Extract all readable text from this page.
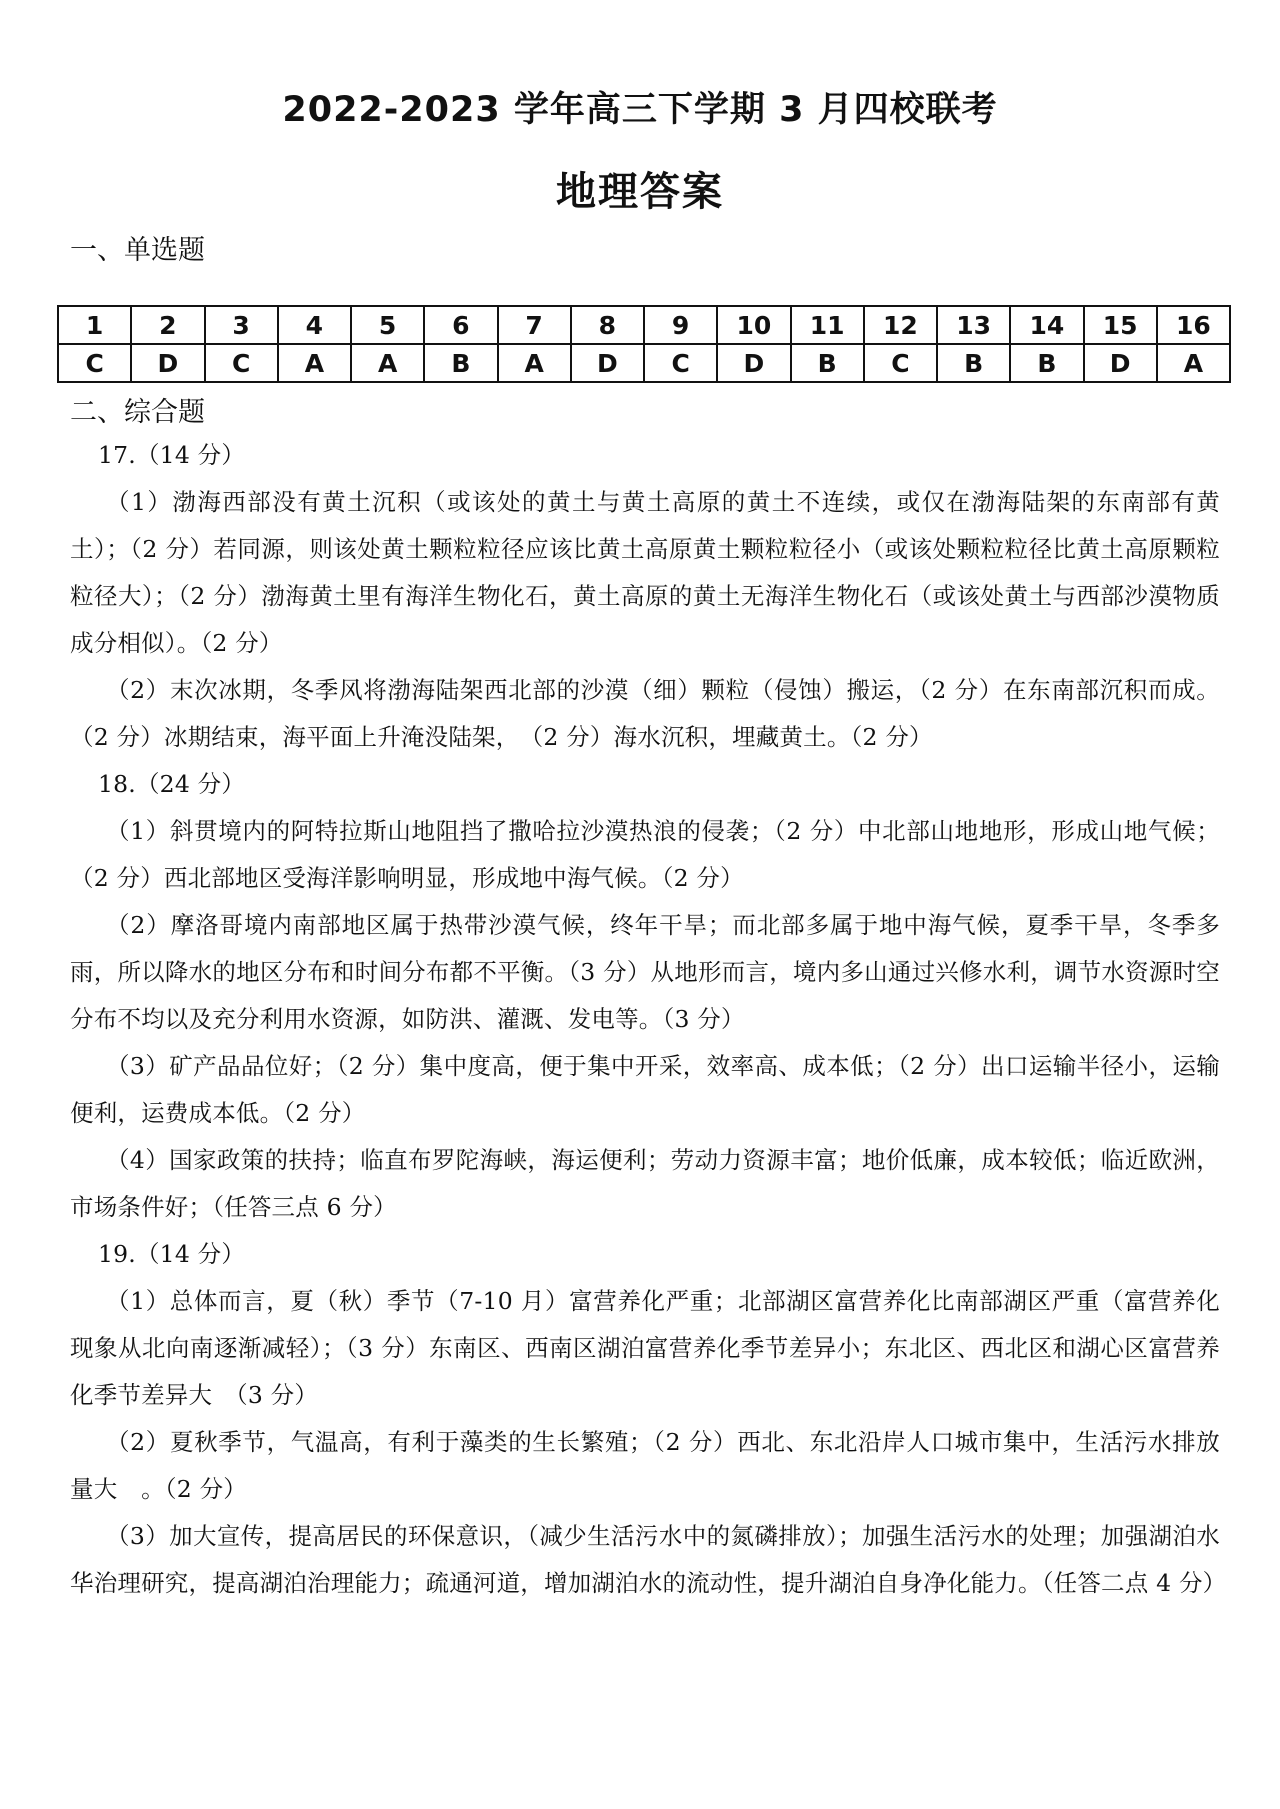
2022-2023 学年高三下学期 3 月四校联考
地理答案
一、单选题
1	2	3	4	5	6	7	8	9	10	11	12	13	14	15	16
C	D	C	A	A	B	A	D	C	D	B	C	B	B	D	A
二、综合题

17.（14 分）

（1）渤海西部没有黄土沉积（或该处的黄土与黄土高原的黄土不连续，或仅在渤海陆架的东南部有黄土）；（2 分）若同源，则该处黄土颗粒粒径应该比黄土高原黄土颗粒粒径小（或该处颗粒粒径比黄土高原颗粒粒径大）；（2 分）渤海黄土里有海洋生物化石，黄土高原的黄土无海洋生物化石（或该处黄土与西部沙漠物质成分相似）。（2 分）

（2）末次冰期，冬季风将渤海陆架西北部的沙漠（细）颗粒（侵蚀）搬运，（2 分）在东南部沉积而成。（2 分）冰期结束，海平面上升淹没陆架，　（2 分）海水沉积，埋藏黄土。（2 分）

18.（24 分）

（1）斜贯境内的阿特拉斯山地阻挡了撒哈拉沙漠热浪的侵袭；（2 分）中北部山地地形，形成山地气候；（2 分）西北部地区受海洋影响明显，形成地中海气候。（2 分）

（2）摩洛哥境内南部地区属于热带沙漠气候，终年干旱；而北部多属于地中海气候，夏季干旱，冬季多雨，所以降水的地区分布和时间分布都不平衡。（3 分）从地形而言，境内多山通过兴修水利，调节水资源时空分布不均以及充分利用水资源，如防洪、灌溉、发电等。（3 分）

（3）矿产品品位好；（2 分）集中度高，便于集中开采，效率高、成本低；（2 分）出口运输半径小，运输便利，运费成本低。（2 分）

（4）国家政策的扶持；临直布罗陀海峡，海运便利；劳动力资源丰富；地价低廉，成本较低；临近欧洲，市场条件好；（任答三点 6 分）

19.（14 分）

（1）总体而言，夏（秋）季节（7-10 月）富营养化严重；北部湖区富营养化比南部湖区严重（富营养化现象从北向南逐渐减轻）；（3 分）东南区、西南区湖泊富营养化季节差异小；东北区、西北区和湖心区富营养化季节差异大　（3 分）

（2）夏秋季节，气温高，有利于藻类的生长繁殖；（2 分）西北、东北沿岸人口城市集中，生活污水排放量大　。（2 分）

（3）加大宣传，提高居民的环保意识，（减少生活污水中的氮磷排放）；加强生活污水的处理；加强湖泊水华治理研究，提高湖泊治理能力；疏通河道，增加湖泊水的流动性，提升湖泊自身净化能力。（任答二点 4 分）
